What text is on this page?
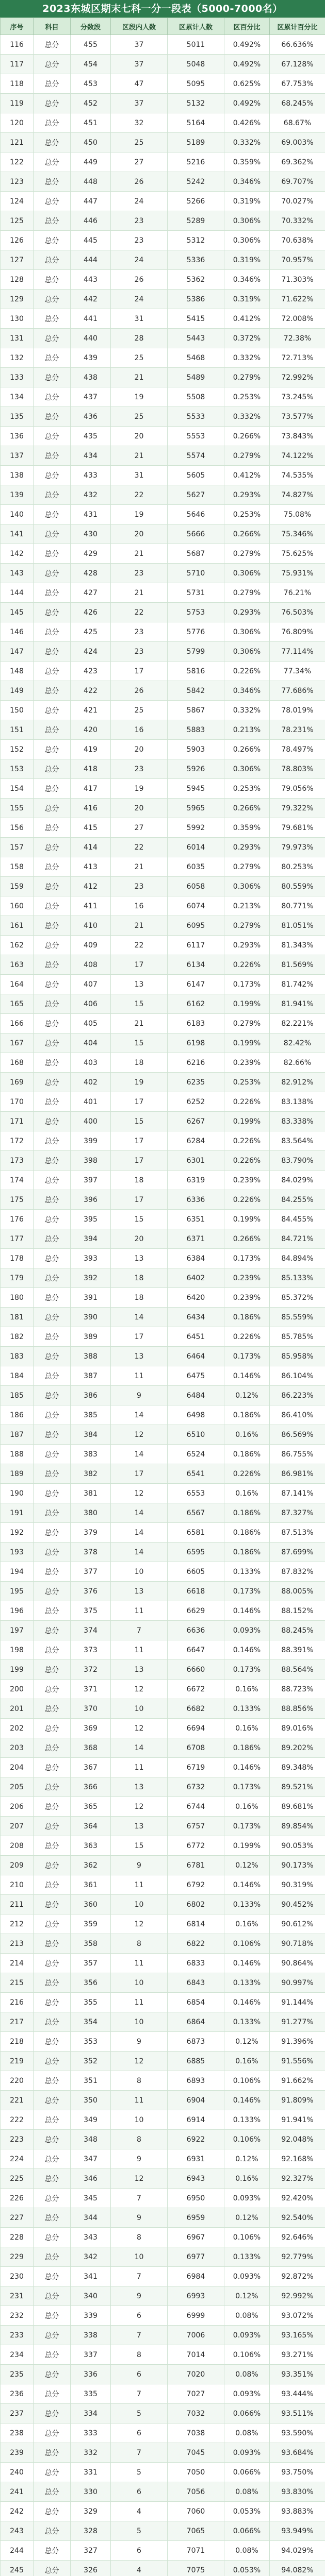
2023东城区期末七科一分一段表（5000-7000名）
序号	科目	分数段	区段内人数	区累计人数	区百分比	区累计百分比
116	总分	455	37	5011	0.492%	66.636%
117	总分	454	37	5048	0.492%	67.128%
118	总分	453	47	5095	0.625%	67.753%
119	总分	452	37	5132	0.492%	68.245%
120	总分	451	32	5164	0.426%	68.67%
121	总分	450	25	5189	0.332%	69.003%
122	总分	449	27	5216	0.359%	69.362%
123	总分	448	26	5242	0.346%	69.707%
124	总分	447	24	5266	0.319%	70.027%
125	总分	446	23	5289	0.306%	70.332%
126	总分	445	23	5312	0.306%	70.638%
127	总分	444	24	5336	0.319%	70.957%
128	总分	443	26	5362	0.346%	71.303%
129	总分	442	24	5386	0.319%	71.622%
130	总分	441	31	5415	0.412%	72.008%
131	总分	440	28	5443	0.372%	72.38%
132	总分	439	25	5468	0.332%	72.713%
133	总分	438	21	5489	0.279%	72.992%
134	总分	437	19	5508	0.253%	73.245%
135	总分	436	25	5533	0.332%	73.577%
136	总分	435	20	5553	0.266%	73.843%
137	总分	434	21	5574	0.279%	74.122%
138	总分	433	31	5605	0.412%	74.535%
139	总分	432	22	5627	0.293%	74.827%
140	总分	431	19	5646	0.253%	75.08%
141	总分	430	20	5666	0.266%	75.346%
142	总分	429	21	5687	0.279%	75.625%
143	总分	428	23	5710	0.306%	75.931%
144	总分	427	21	5731	0.279%	76.21%
145	总分	426	22	5753	0.293%	76.503%
146	总分	425	23	5776	0.306%	76.809%
147	总分	424	23	5799	0.306%	77.114%
148	总分	423	17	5816	0.226%	77.34%
149	总分	422	26	5842	0.346%	77.686%
150	总分	421	25	5867	0.332%	78.019%
151	总分	420	16	5883	0.213%	78.231%
152	总分	419	20	5903	0.266%	78.497%
153	总分	418	23	5926	0.306%	78.803%
154	总分	417	19	5945	0.253%	79.056%
155	总分	416	20	5965	0.266%	79.322%
156	总分	415	27	5992	0.359%	79.681%
157	总分	414	22	6014	0.293%	79.973%
158	总分	413	21	6035	0.279%	80.253%
159	总分	412	23	6058	0.306%	80.559%
160	总分	411	16	6074	0.213%	80.771%
161	总分	410	21	6095	0.279%	81.051%
162	总分	409	22	6117	0.293%	81.343%
163	总分	408	17	6134	0.226%	81.569%
164	总分	407	13	6147	0.173%	81.742%
165	总分	406	15	6162	0.199%	81.941%
166	总分	405	21	6183	0.279%	82.221%
167	总分	404	15	6198	0.199%	82.42%
168	总分	403	18	6216	0.239%	82.66%
169	总分	402	19	6235	0.253%	82.912%
170	总分	401	17	6252	0.226%	83.138%
171	总分	400	15	6267	0.199%	83.338%
172	总分	399	17	6284	0.226%	83.564%
173	总分	398	17	6301	0.226%	83.790%
174	总分	397	18	6319	0.239%	84.029%
175	总分	396	17	6336	0.226%	84.255%
176	总分	395	15	6351	0.199%	84.455%
177	总分	394	20	6371	0.266%	84.721%
178	总分	393	13	6384	0.173%	84.894%
179	总分	392	18	6402	0.239%	85.133%
180	总分	391	18	6420	0.239%	85.372%
181	总分	390	14	6434	0.186%	85.559%
182	总分	389	17	6451	0.226%	85.785%
183	总分	388	13	6464	0.173%	85.958%
184	总分	387	11	6475	0.146%	86.104%
185	总分	386	9	6484	0.12%	86.223%
186	总分	385	14	6498	0.186%	86.410%
187	总分	384	12	6510	0.16%	86.569%
188	总分	383	14	6524	0.186%	86.755%
189	总分	382	17	6541	0.226%	86.981%
190	总分	381	12	6553	0.16%	87.141%
191	总分	380	14	6567	0.186%	87.327%
192	总分	379	14	6581	0.186%	87.513%
193	总分	378	14	6595	0.186%	87.699%
194	总分	377	10	6605	0.133%	87.832%
195	总分	376	13	6618	0.173%	88.005%
196	总分	375	11	6629	0.146%	88.152%
197	总分	374	7	6636	0.093%	88.245%
198	总分	373	11	6647	0.146%	88.391%
199	总分	372	13	6660	0.173%	88.564%
200	总分	371	12	6672	0.16%	88.723%
201	总分	370	10	6682	0.133%	88.856%
202	总分	369	12	6694	0.16%	89.016%
203	总分	368	14	6708	0.186%	89.202%
204	总分	367	11	6719	0.146%	89.348%
205	总分	366	13	6732	0.173%	89.521%
206	总分	365	12	6744	0.16%	89.681%
207	总分	364	13	6757	0.173%	89.854%
208	总分	363	15	6772	0.199%	90.053%
209	总分	362	9	6781	0.12%	90.173%
210	总分	361	11	6792	0.146%	90.319%
211	总分	360	10	6802	0.133%	90.452%
212	总分	359	12	6814	0.16%	90.612%
213	总分	358	8	6822	0.106%	90.718%
214	总分	357	11	6833	0.146%	90.864%
215	总分	356	10	6843	0.133%	90.997%
216	总分	355	11	6854	0.146%	91.144%
217	总分	354	10	6864	0.133%	91.277%
218	总分	353	9	6873	0.12%	91.396%
219	总分	352	12	6885	0.16%	91.556%
220	总分	351	8	6893	0.106%	91.662%
221	总分	350	11	6904	0.146%	91.809%
222	总分	349	10	6914	0.133%	91.941%
223	总分	348	8	6922	0.106%	92.048%
224	总分	347	9	6931	0.12%	92.168%
225	总分	346	12	6943	0.16%	92.327%
226	总分	345	7	6950	0.093%	92.420%
227	总分	344	9	6959	0.12%	92.540%
228	总分	343	8	6967	0.106%	92.646%
229	总分	342	10	6977	0.133%	92.779%
230	总分	341	7	6984	0.093%	92.872%
231	总分	340	9	6993	0.12%	92.992%
232	总分	339	6	6999	0.08%	93.072%
233	总分	338	7	7006	0.093%	93.165%
234	总分	337	8	7014	0.106%	93.271%
235	总分	336	6	7020	0.08%	93.351%
236	总分	335	7	7027	0.093%	93.444%
237	总分	334	5	7032	0.066%	93.511%
238	总分	333	6	7038	0.08%	93.590%
239	总分	332	7	7045	0.093%	93.684%
240	总分	331	5	7050	0.066%	93.750%
241	总分	330	6	7056	0.08%	93.830%
242	总分	329	4	7060	0.053%	93.883%
243	总分	328	5	7065	0.066%	93.949%
244	总分	327	6	7071	0.08%	94.029%
245	总分	326	4	7075	0.053%	94.082%
